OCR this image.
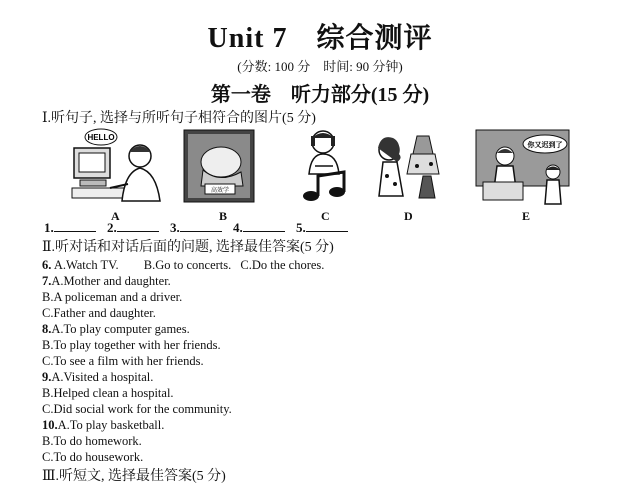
Unit 7　综合测评
(分数: 100 分　时间: 90 分钟)
第一卷　听力部分(15 分)
Ⅰ.听句子, 选择与所听句子相符合的图片(5 分)
HELLO
高效学
你又迟到了
A	B	C	D	E
1.	2.	3.	4.	5.
Ⅱ.听对话和对话后面的问题, 选择最佳答案(5 分)
6. A.Watch TV. B.Go to concerts. C.Do the chores.
7.A.Mother and daughter.
B.A policeman and a driver.
C.Father and daughter.
8.A.To play computer games.
B.To play together with her friends.
C.To see a film with her friends.
9.A.Visited a hospital.
B.Helped clean a hospital.
C.Did social work for the community.
10.A.To play basketball.
B.To do homework.
C.To do housework.
Ⅲ.听短文, 选择最佳答案(5 分)
